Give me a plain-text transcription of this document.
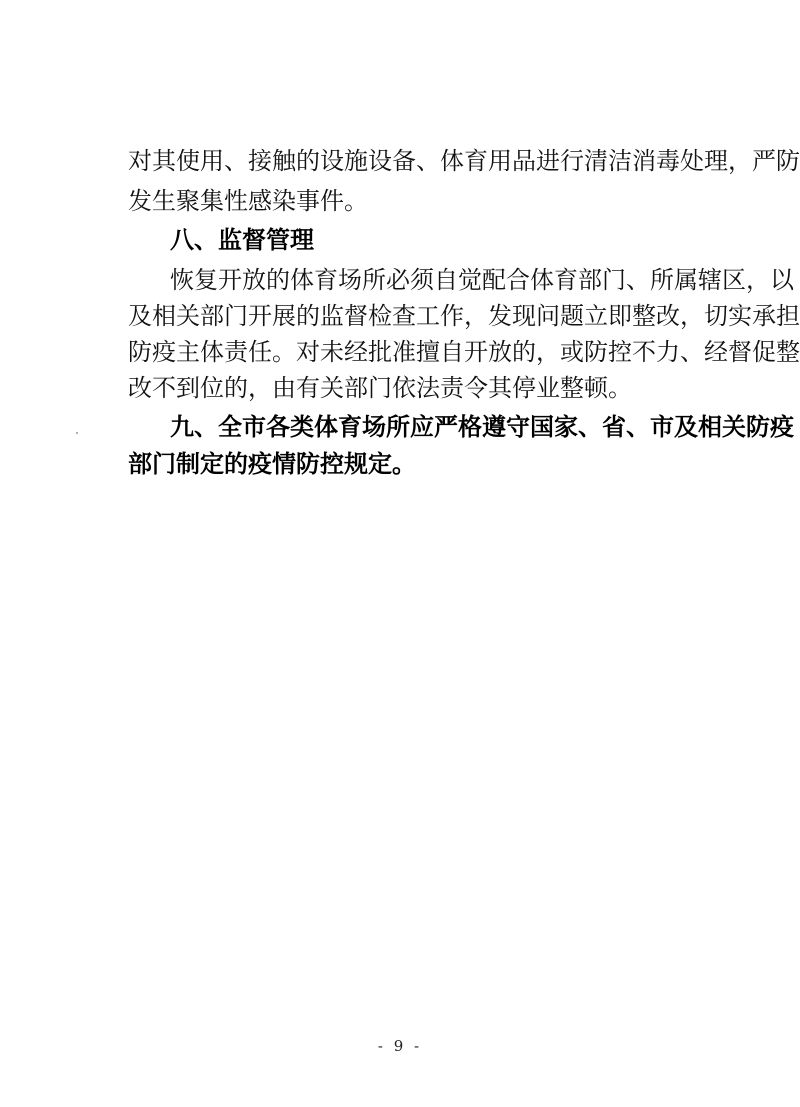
对其使用、接触的设施设备、体育用品进行清洁消毒处理，严防
发生聚集性感染事件。
八、监督管理
恢复开放的体育场所必须自觉配合体育部门、所属辖区，以
及相关部门开展的监督检查工作，发现问题立即整改，切实承担
防疫主体责任。对未经批准擅自开放的，或防控不力、经督促整
改不到位的，由有关部门依法责令其停业整顿。
九、全市各类体育场所应严格遵守国家、省、市及相关防疫
部门制定的疫情防控规定。
- 9 -
